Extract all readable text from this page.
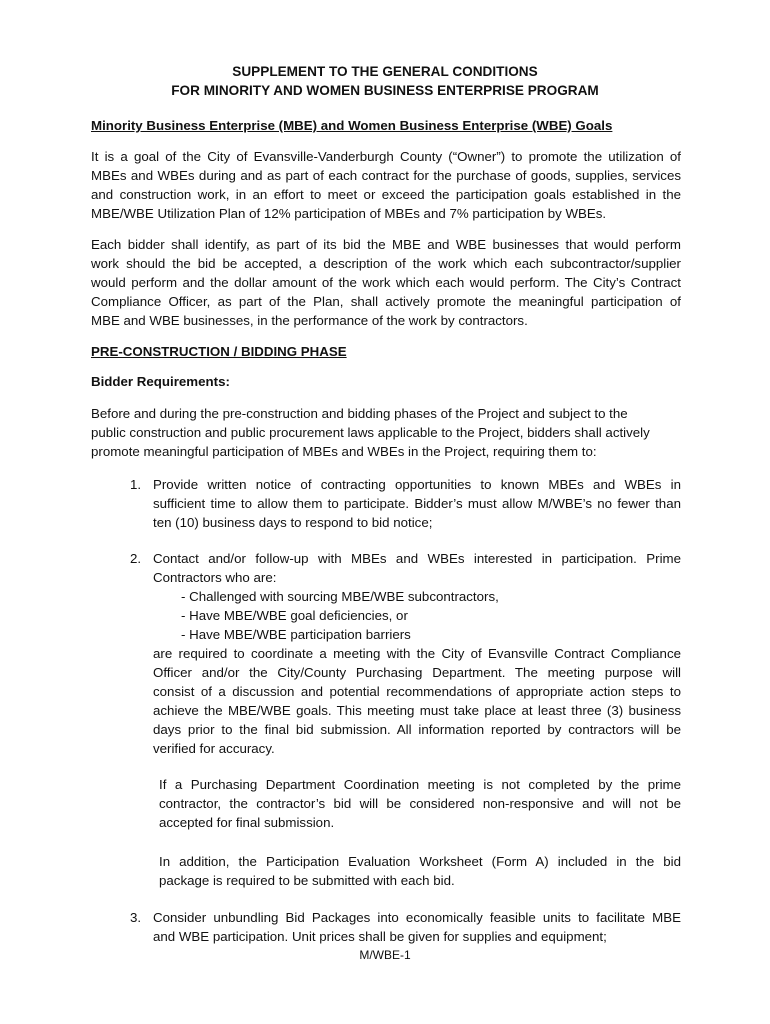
SUPPLEMENT TO THE GENERAL CONDITIONS
FOR MINORITY AND WOMEN BUSINESS ENTERPRISE PROGRAM
Minority Business Enterprise (MBE) and Women Business Enterprise (WBE) Goals
It is a goal of the City of Evansville-Vanderburgh County (“Owner”) to promote the utilization of
MBEs and WBEs during and as part of each contract for the purchase of goods, supplies, services
and construction work, in an effort to meet or exceed the participation goals established in the
MBE/WBE Utilization Plan of 12% participation of MBEs and 7% participation by WBEs.
Each bidder shall identify, as part of its bid the MBE and WBE businesses that would perform
work should the bid be accepted, a description of the work which each subcontractor/supplier
would perform and the dollar amount of the work which each would perform. The City’s Contract
Compliance Officer, as part of the Plan, shall actively promote the meaningful participation of
MBE and WBE businesses, in the performance of the work by contractors.
PRE-CONSTRUCTION / BIDDING PHASE
Bidder Requirements:
Before and during the pre-construction and bidding phases of the Project and subject to the
public construction and public procurement laws applicable to the Project, bidders shall actively
promote meaningful participation of MBEs and WBEs in the Project, requiring them to:
1. Provide written notice of contracting opportunities to known MBEs and WBEs in
sufficient time to allow them to participate. Bidder’s must allow M/WBE’s no fewer than
ten (10) business days to respond to bid notice;
2. Contact and/or follow-up with MBEs and WBEs interested in participation. Prime
Contractors who are:
- Challenged with sourcing MBE/WBE subcontractors,
- Have MBE/WBE goal deficiencies, or
- Have MBE/WBE participation barriers
are required to coordinate a meeting with the City of Evansville Contract Compliance
Officer and/or the City/County Purchasing Department. The meeting purpose will
consist of a discussion and potential recommendations of appropriate action steps to
achieve the MBE/WBE goals. This meeting must take place at least three (3) business
days prior to the final bid submission. All information reported by contractors will be
verified for accuracy.
If a Purchasing Department Coordination meeting is not completed by the prime
contractor, the contractor’s bid will be considered non-responsive and will not be
accepted for final submission.
In addition, the Participation Evaluation Worksheet (Form A) included in the bid
package is required to be submitted with each bid.
3. Consider unbundling Bid Packages into economically feasible units to facilitate MBE
and WBE participation. Unit prices shall be given for supplies and equipment;
M/WBE-1
